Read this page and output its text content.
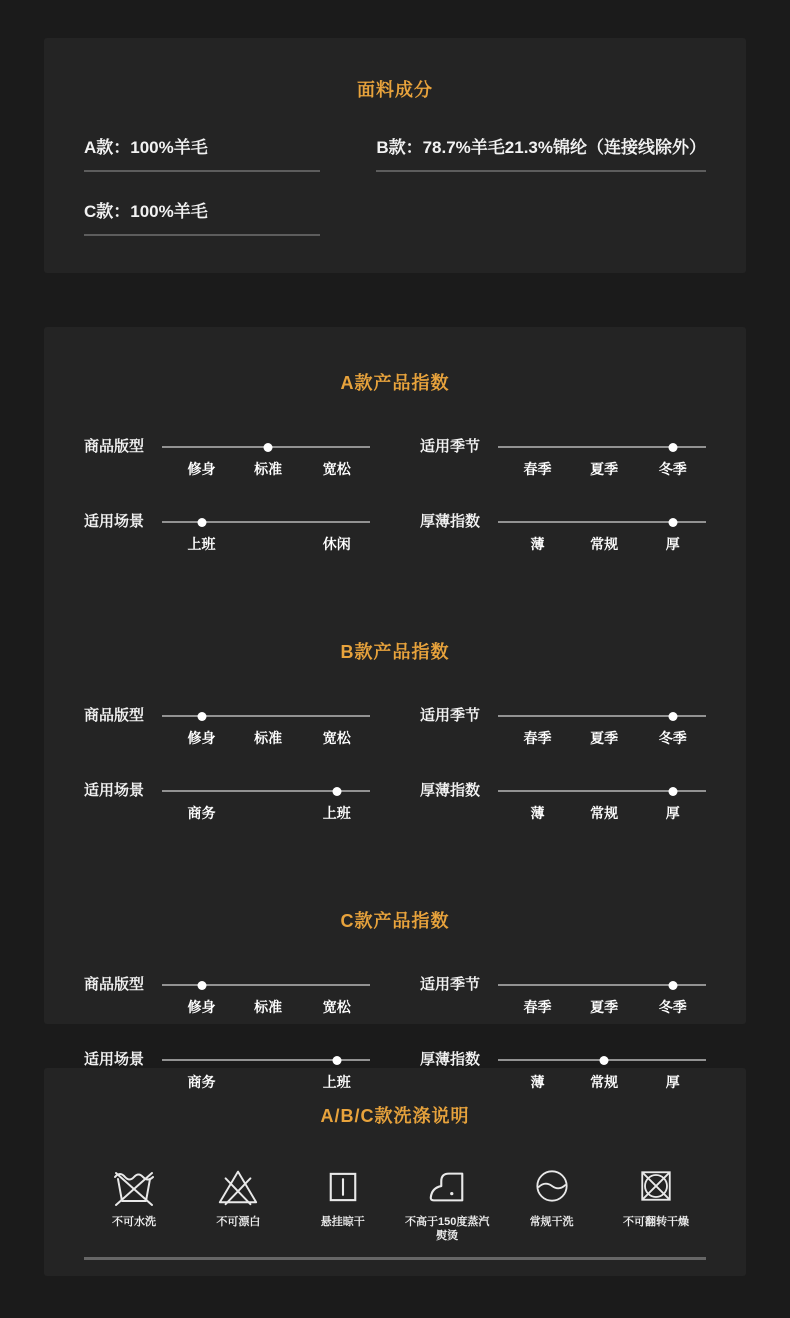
面料成分
A款：100%羊毛	B款：78.7%羊毛21.3%锦纶（连接线除外）
C款：100%羊毛
A款产品指数
商品版型
修身	标准	宽松
适用季节
春季	夏季	冬季
适用场景
上班	休闲
厚薄指数
薄	常规	厚
B款产品指数
商品版型
修身	标准	宽松
适用季节
春季	夏季	冬季
适用场景
商务	上班
厚薄指数
薄	常规	厚
C款产品指数
商品版型
修身	标准	宽松
适用季节
春季	夏季	冬季
适用场景
商务	上班
厚薄指数
薄	常规	厚
A/B/C款洗涤说明
不可水洗	不可漂白	悬挂晾干	不高于150度蒸汽熨烫
常规干洗	不可翻转干燥
